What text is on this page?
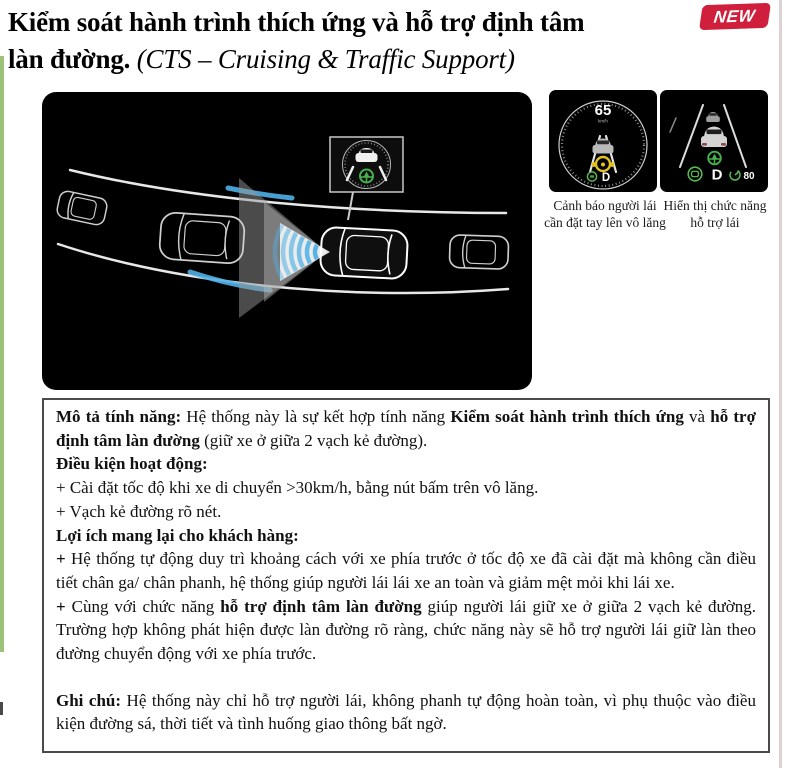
Kiểm soát hành trình thích ứng và hỗ trợ định tâm
làn đường. (CTS – Cruising & Traffic Support)
NEW
65
km/h
D	D 80
Cảnh báo người lái cần đặt tay lên vô lăng
Hiển thị chức năng hỗ trợ lái

Mô tả tính năng: Hệ thống này là sự kết hợp tính năng Kiểm soát hành trình thích ứng và hỗ trợ định tâm làn đường (giữ xe ở giữa 2 vạch kẻ đường).

Điều kiện hoạt động:

+ Cài đặt tốc độ khi xe di chuyển >30km/h, bằng nút bấm trên vô lăng.

+ Vạch kẻ đường rõ nét.

Lợi ích mang lại cho khách hàng:

+ Hệ thống tự động duy trì khoảng cách với xe phía trước ở tốc độ xe đã cài đặt mà không cần điều tiết chân ga/ chân phanh, hệ thống giúp người lái lái xe an toàn và giảm mệt mỏi khi lái xe.

+ Cùng với chức năng hỗ trợ định tâm làn đường giúp người lái giữ xe ở giữa 2 vạch kẻ đường. Trường hợp không phát hiện được làn đường rõ ràng, chức năng này sẽ hỗ trợ người lái giữ làn theo đường chuyển động với xe phía trước.

Ghi chú: Hệ thống này chỉ hỗ trợ người lái, không phanh tự động hoàn toàn, vì phụ thuộc vào điều kiện đường sá, thời tiết và tình huống giao thông bất ngờ.
